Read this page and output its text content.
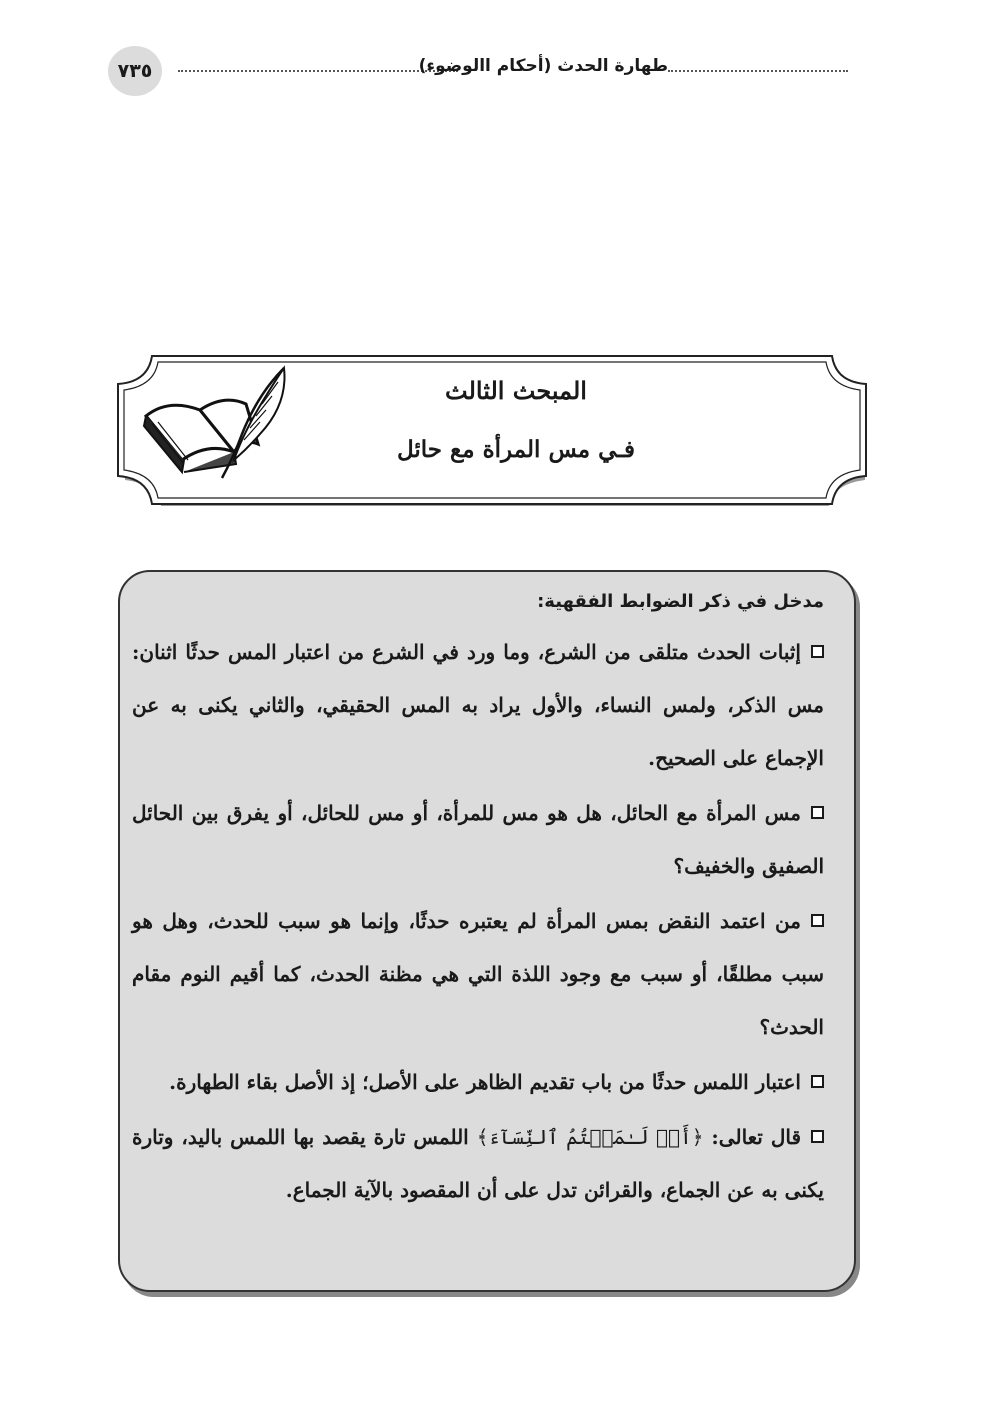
٧٣٥	طهارة الحدث (أحكام االوضوء)
المبحث الثالث
فـي مس المرأة مع حائل
مدخل في ذكر الضوابط الفقهية:
إثبات الحدث متلقى من الشرع، وما ورد في الشرع من اعتبار المس حدثًا اثنان: مس الذكر، ولمس النساء، والأول يراد به المس الحقيقي، والثاني يكنى به عن الإجماع على الصحيح.
مس المرأة مع الحائل، هل هو مس للمرأة، أو مس للحائل، أو يفرق بين الحائل الصفيق والخفيف؟
من اعتمد النقض بمس المرأة لم يعتبره حدثًا، وإنما هو سبب للحدث، وهل هو سبب مطلقًا، أو سبب مع وجود اللذة التي هي مظنة الحدث، كما أقيم النوم مقام الحدث؟
اعتبار اللمس حدثًا من باب تقديم الظاهر على الأصل؛ إذ الأصل بقاء الطهارة.
قال تعالى: ﴿أَوۡ لَـٰمَسۡتُمُ ٱلنِّسَآءَ﴾ اللمس تارة يقصد بها اللمس باليد، وتارة يكنى به عن الجماع، والقرائن تدل على أن المقصود بالآية الجماع.
